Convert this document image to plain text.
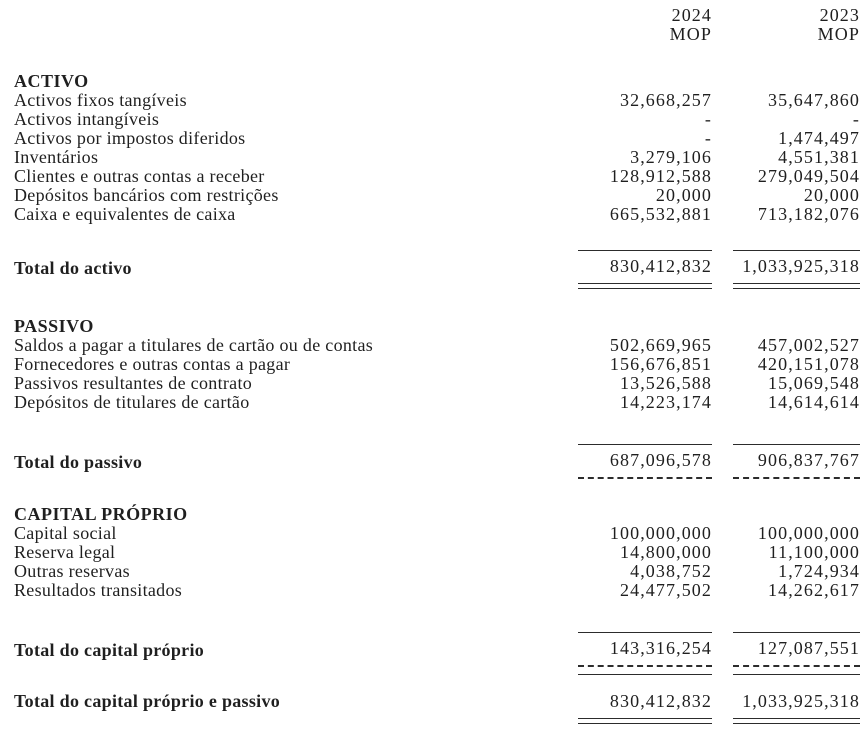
2024
MOP
2023
MOP
ACTIVO
Activos fixos tangíveis	32,668,257	35,647,860
Activos intangíveis	-	-
Activos por impostos diferidos	-	1,474,497
Inventários	3,279,106	4,551,381
Clientes e outras contas a receber	128,912,588	279,049,504
Depósitos bancários com restrições	20,000	20,000
Caixa e equivalentes de caixa	665,532,881	713,182,076
Total do activo	830,412,832	1,033,925,318
PASSIVO
Saldos a pagar a titulares de cartão ou de contas	502,669,965	457,002,527
Fornecedores e outras contas a pagar	156,676,851	420,151,078
Passivos resultantes de contrato	13,526,588	15,069,548
Depósitos de titulares de cartão	14,223,174	14,614,614
Total do passivo	687,096,578	906,837,767
CAPITAL PRÓPRIO
Capital social	100,000,000	100,000,000
Reserva legal	14,800,000	11,100,000
Outras reservas	4,038,752	1,724,934
Resultados transitados	24,477,502	14,262,617
Total do capital próprio	143,316,254	127,087,551
Total do capital próprio e passivo	830,412,832	1,033,925,318
